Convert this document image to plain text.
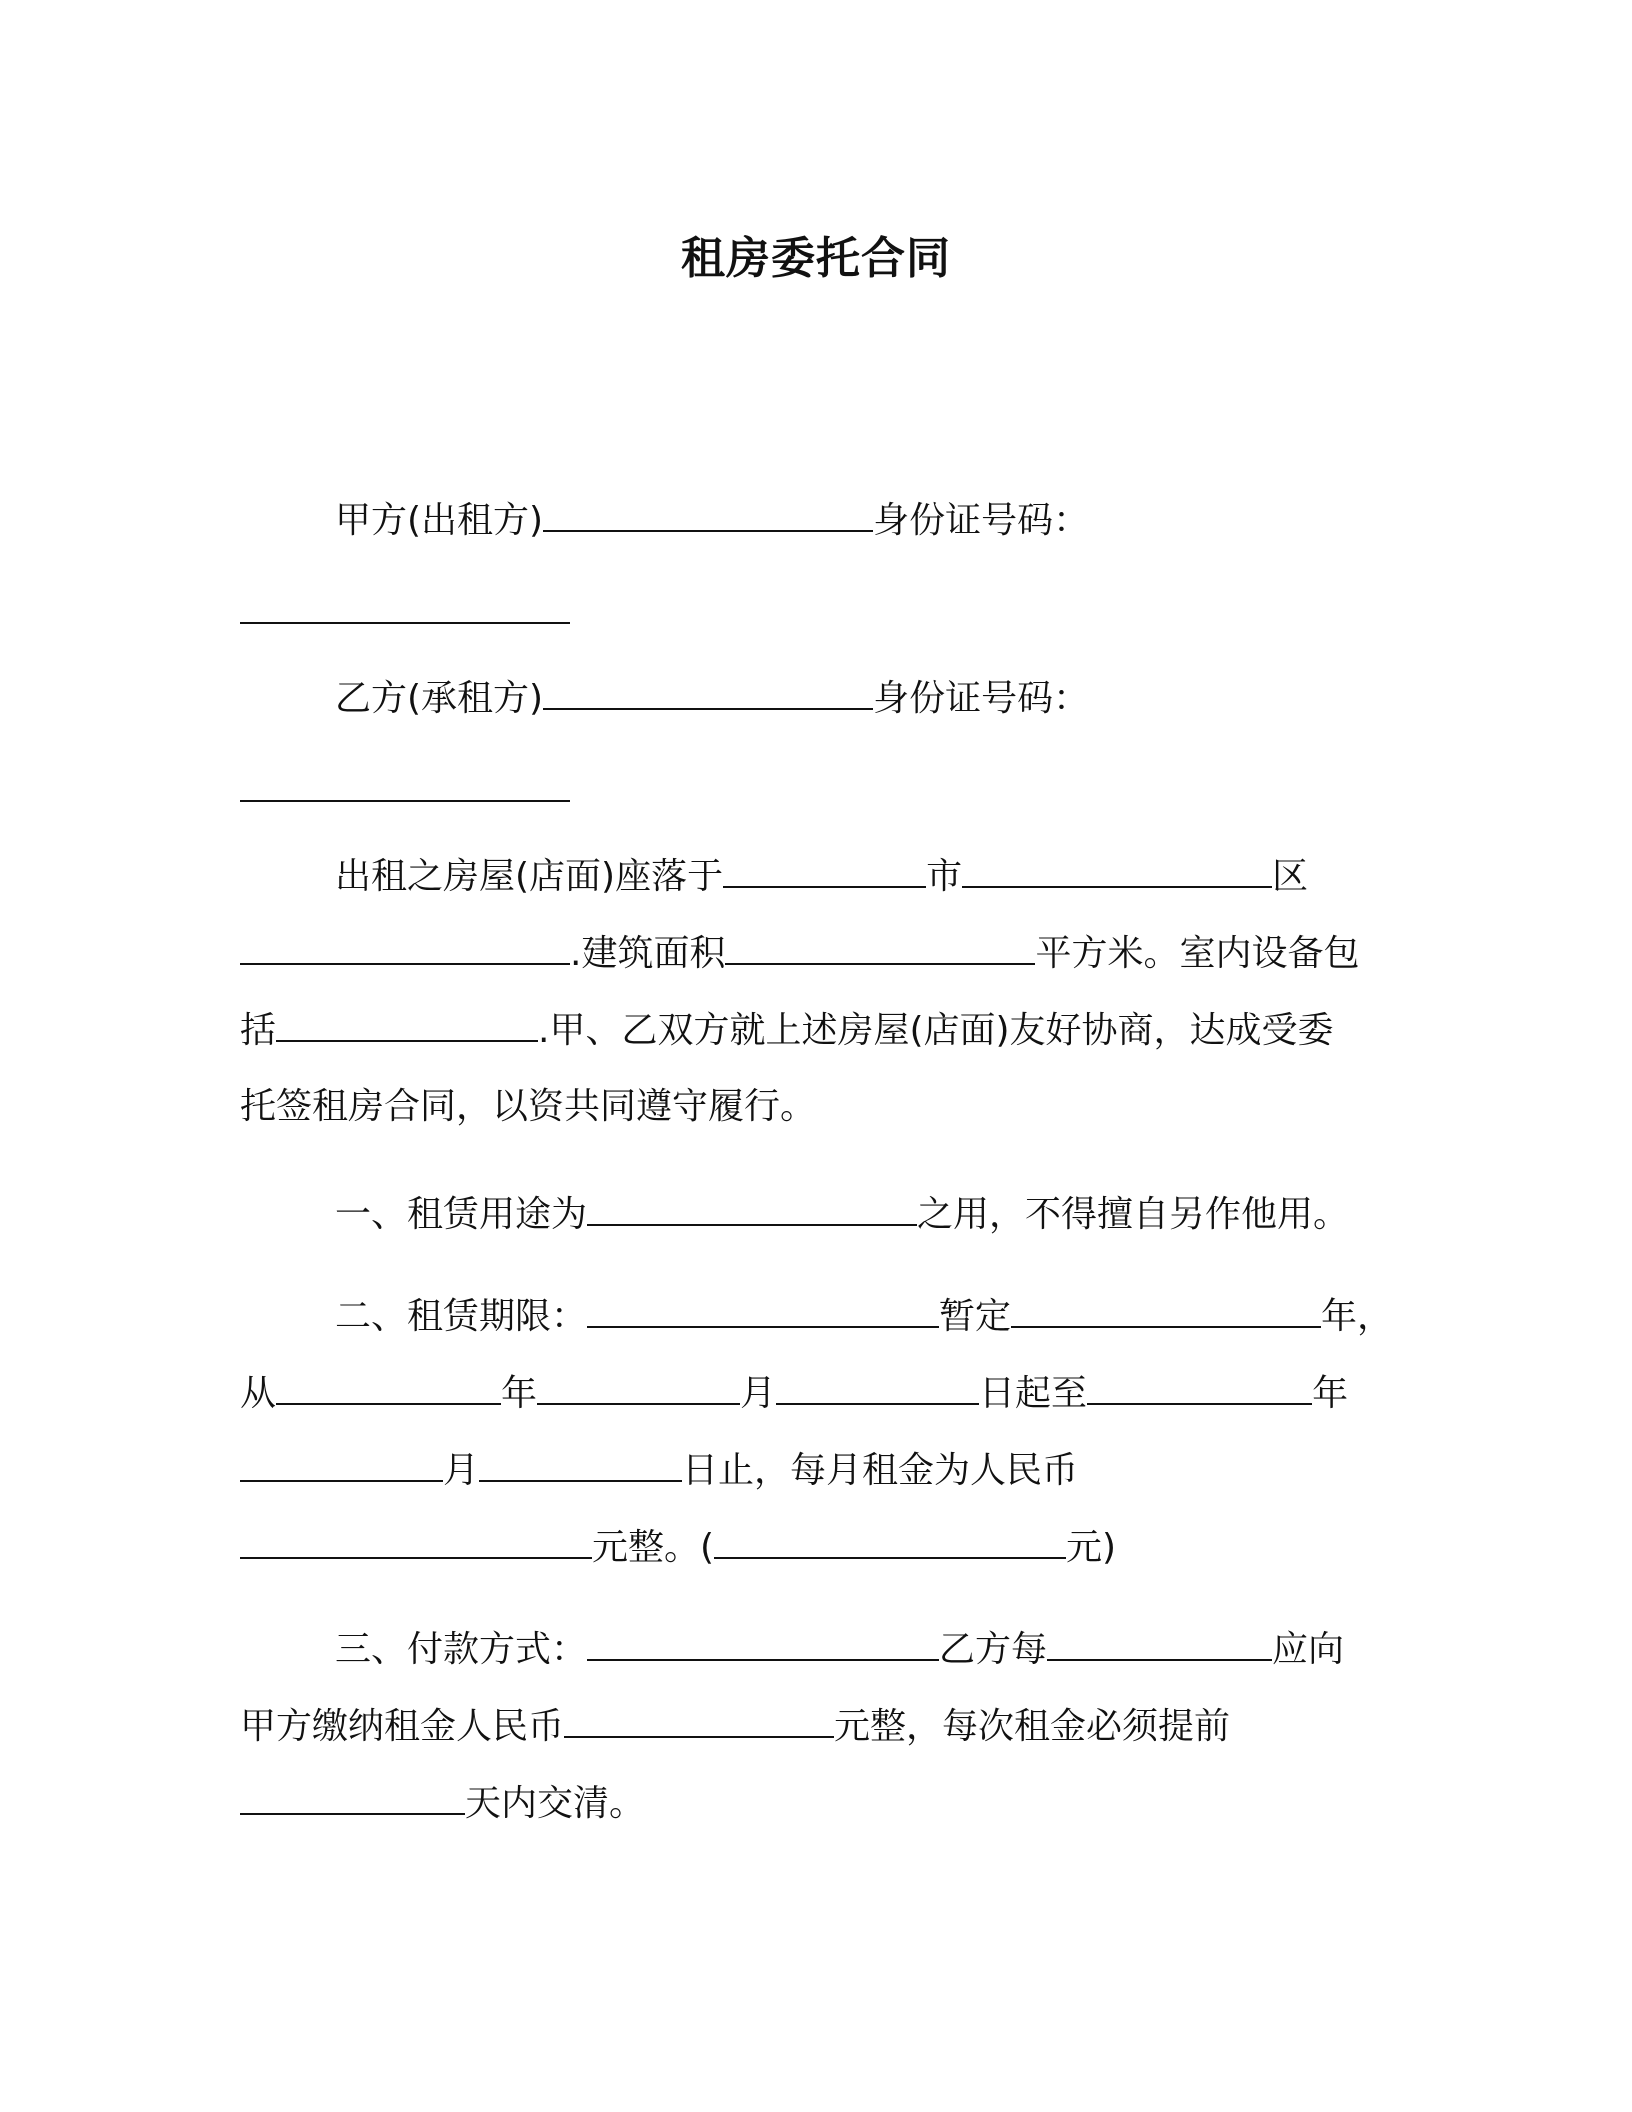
租房委托合同
甲方(出租方)	身份证号码：
乙方(承租方)	身份证号码：
出租之房屋(店面)座落于	市	区
.建筑面积	平方米。室内设备包
括	.甲、乙双方就上述房屋(店面)友好协商，达成受委
托签租房合同，以资共同遵守履行。
一、租赁用途为	之用，不得擅自另作他用。
二、租赁期限：	暂定	年，
从	年	月	日起至	年
月	日止，每月租金为人民币
元整。(	元)
三、付款方式：	乙方每	应向
甲方缴纳租金人民币	元整，每次租金必须提前
天内交清。
